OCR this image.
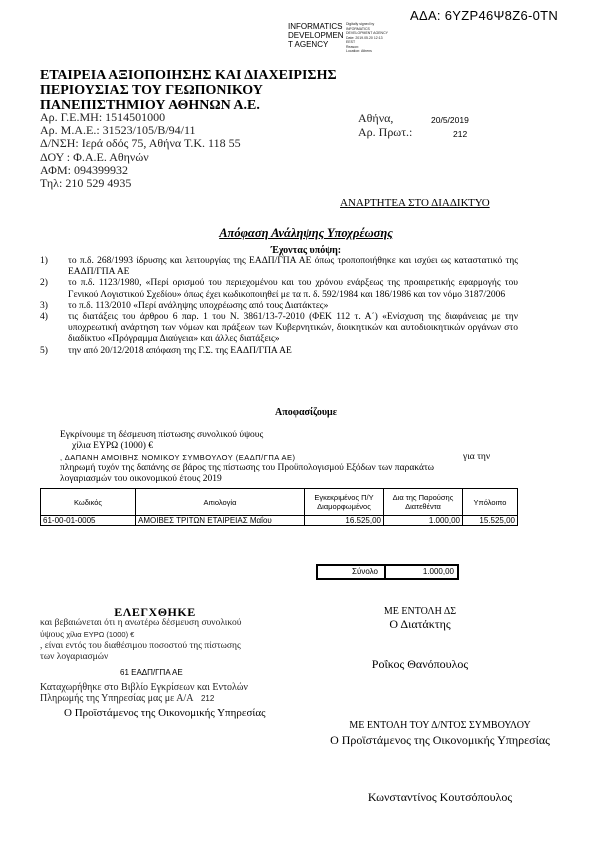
ΑΔΑ: 6ΥΖΡ46Ψ8Ζ6-0ΤΝ
INFORMATICS
DEVELOPMEN
T AGENCY
Digitally signed by
INFORMATICS
DEVELOPMENT AGENCY
Date: 2019.05.20 12:13
EEST
Reason:
Location: Athens
ΕΤΑΙΡΕΙΑ ΑΞΙΟΠΟΙΗΣΗΣ ΚΑΙ ΔΙΑΧΕΙΡΙΣΗΣ
ΠΕΡΙΟΥΣΙΑΣ ΤΟΥ ΓΕΩΠΟΝΙΚΟΥ
ΠΑΝΕΠΙΣΤΗΜΙΟΥ ΑΘΗΝΩΝ Α.Ε.
Αρ. Γ.Ε.ΜΗ: 1514501000
Αρ. Μ.Α.Ε.: 31523/105/Β/94/11
Δ/ΝΣΗ: Ιερά οδός 75, Αθήνα Τ.Κ. 118 55
ΔΟΥ : Φ.Α.Ε. Αθηνών
ΑΦΜ: 094399932
Τηλ: 210 529 4935
Αθήνα,
Αρ. Πρωτ.:
20/5/2019
212
ΑΝΑΡΤΗΤΕΑ ΣΤΟ ΔΙΑΔΙΚΤΥΟ
Απόφαση Ανάληψης Υποχρέωσης
Έχοντας υπόψη:
1)	το π.δ. 268/1993 ίδρυσης και λειτουργίας της ΕΑΔΠ/ΓΠΑ ΑΕ όπως τροποποιήθηκε και ισχύει ως καταστατικό της ΕΑΔΠ/ΓΠΑ ΑΕ
2)	το π.δ. 1123/1980, «Περί ορισμού του περιεχομένου και του χρόνου ενάρξεως της προαιρετικής εφαρμογής του Γενικού Λογιστικού Σχεδίου» όπως έχει κωδικοποιηθεί με τα π. δ. 592/1984 και 186/1986 και τον νόμο 3187/2006
3)	το π.δ. 113/2010 «Περί ανάληψης υποχρέωσης από τους Διατάκτες»
4)	τις διατάξεις του άρθρου 6 παρ. 1 του Ν. 3861/13-7-2010 (ΦΕΚ 112 τ. Α΄) «Ενίσχυση της διαφάνειας με την υποχρεωτική ανάρτηση των νόμων και πράξεων των Κυβερνητικών, διοικητικών και αυτοδιοικητικών οργάνων στο διαδίκτυο «Πρόγραμμα Διαύγεια» και άλλες διατάξεις»
5)	την από 20/12/2018 απόφαση της Γ.Σ. της ΕΑΔΠ/ΓΠΑ ΑΕ
Αποφασίζουμε
Εγκρίνουμε τη δέσμευση πίστωσης συνολικού ύψους
χίλια ΕΥΡΩ (1000) €
, ΔΑΠΑΝΗ ΑΜΟΙΒΗΣ ΝΟΜΙΚΟΥ ΣΥΜΒΟΥΛΟΥ (ΕΑΔΠ/ΓΠΑ ΑΕ)	για την
πληρωμή τυχόν της δαπάνης σε βάρος της πίστωσης του Προϋπολογισμού Εξόδων των παρακάτω
λογαριασμών του οικονομικού έτους 2019
Κωδικός	Αιτιολογία	Εγκεκριμένος Π/Υ Διαμορφωμένος	Δια της Παρούσης Διατεθέντα	Υπόλοιπο
61-00-01-0005	ΑΜΟΙΒΕΣ ΤΡΙΤΩΝ ΕΤΑΙΡΕΙΑΣ Μαΐου	16.525,00	1.000,00	15.525,00
Σύνολο	1.000,00
ΕΛΕΓΧΘΗΚΕ
και βεβαιώνεται ότι η ανωτέρω δέσμευση συνολικού
ύψους χίλια ΕΥΡΩ (1000) €
, είναι εντός του διαθέσιμου ποσοστού της πίστωσης
των λογαριασμών
61 ΕΑΔΠ/ΓΠΑ ΑΕ
Καταχωρήθηκε στο Βιβλίο Εγκρίσεων και Εντολών
Πληρωμής της Υπηρεσίας μας με Α/Α 212
Ο Προϊστάμενος της Οικονομικής Υπηρεσίας
ΜΕ ΕΝΤΟΛΗ ΔΣ
Ο Διατάκτης
Ροΐκος Θανόπουλος
ΜΕ ΕΝΤΟΛΗ ΤΟΥ Δ/ΝΤΟΣ ΣΥΜΒΟΥΛΟΥ
Ο Προϊστάμενος της Οικονομικής Υπηρεσίας
Κωνσταντίνος Κουτσόπουλος
